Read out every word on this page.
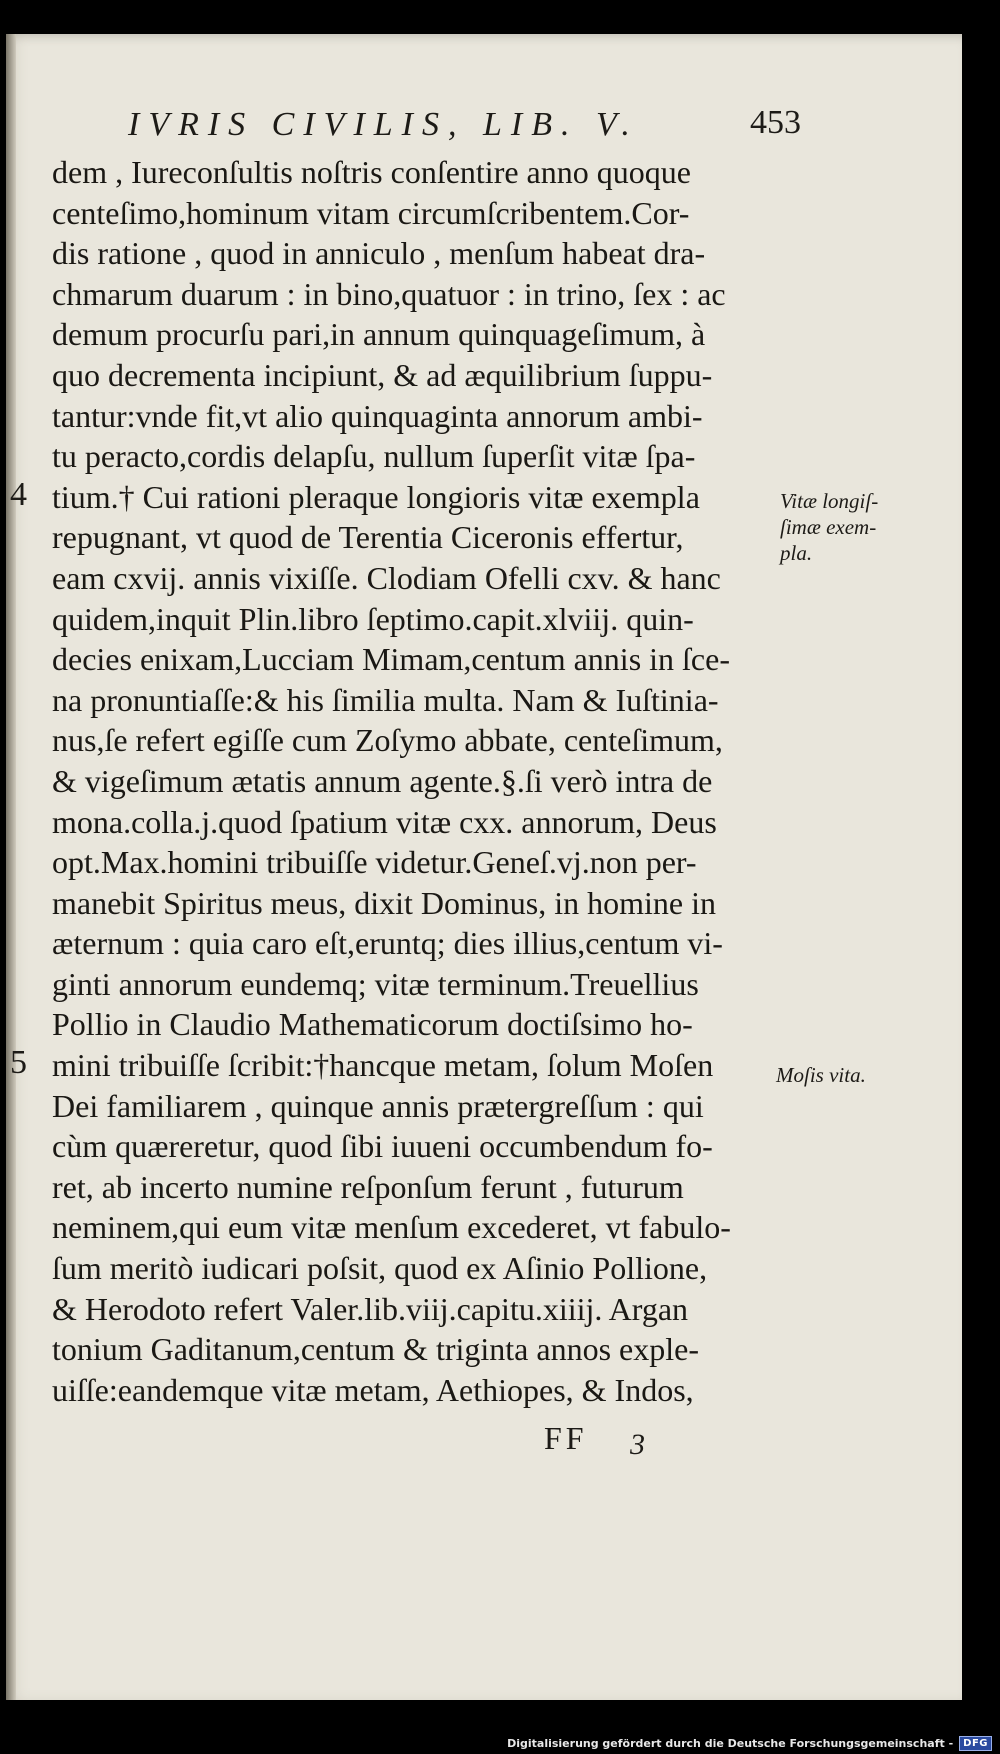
IVRIS CIVILIS, LIB. V.	453
dem , Iureconſultis noſtris conſentire anno quoque
centeſimo,hominum vitam circumſcribentem.Cor-
dis ratione , quod in anniculo , menſum habeat dra-
chmarum duarum : in bino,quatuor : in trino, ſex : ac
demum procurſu pari,in annum quinquageſimum, à
quo decrementa incipiunt, & ad æquilibrium ſuppu-
tantur:vnde fit,vt alio quinquaginta annorum ambi-
tu peracto,cordis delapſu, nullum ſuperſit vitæ ſpa-
tium.† Cui rationi pleraque longioris vitæ exempla
repugnant, vt quod de Terentia Ciceronis effertur,
eam cxvij. annis vixiſſe. Clodiam Ofelli cxv. & hanc
quidem,inquit Plin.libro ſeptimo.capit.xlviij. quin-
decies enixam,Lucciam Mimam,centum annis in ſce-
na pronuntiaſſe:& his ſimilia multa. Nam & Iuſtinia-
nus,ſe refert egiſſe cum Zoſymo abbate, centeſimum,
& vigeſimum ætatis annum agente.§.ſi verò intra de
mona.colla.j.quod ſpatium vitæ cxx. annorum, Deus
opt.Max.homini tribuiſſe videtur.Geneſ.vj.non per-
manebit Spiritus meus, dixit Dominus, in homine in
æternum : quia caro eſt,eruntq; dies illius,centum vi-
ginti annorum eundemq; vitæ terminum.Treuellius
Pollio in Claudio Mathematicorum doctiſsimo ho-
mini tribuiſſe ſcribit:†hancque metam, ſolum Moſen
Dei familiarem , quinque annis prætergreſſum : qui
cùm quæreretur, quod ſibi iuueni occumbendum fo-
ret, ab incerto numine reſponſum ferunt , futurum
neminem,qui eum vitæ menſum excederet, vt fabulo-
ſum meritò iudicari poſsit, quod ex Aſinio Pollione,
& Herodoto refert Valer.lib.viij.capitu.xiiij. Argan
tonium Gaditanum,centum & triginta annos exple-
uiſſe:eandemque vitæ metam, Aethiopes, & Indos,
4
5
Vitæ longiſ-
ſimæ exem-
pla.
Moſis vita.
FF 3
Digitalisierung gefördert durch die Deutsche Forschungsgemeinschaft -	DFG
